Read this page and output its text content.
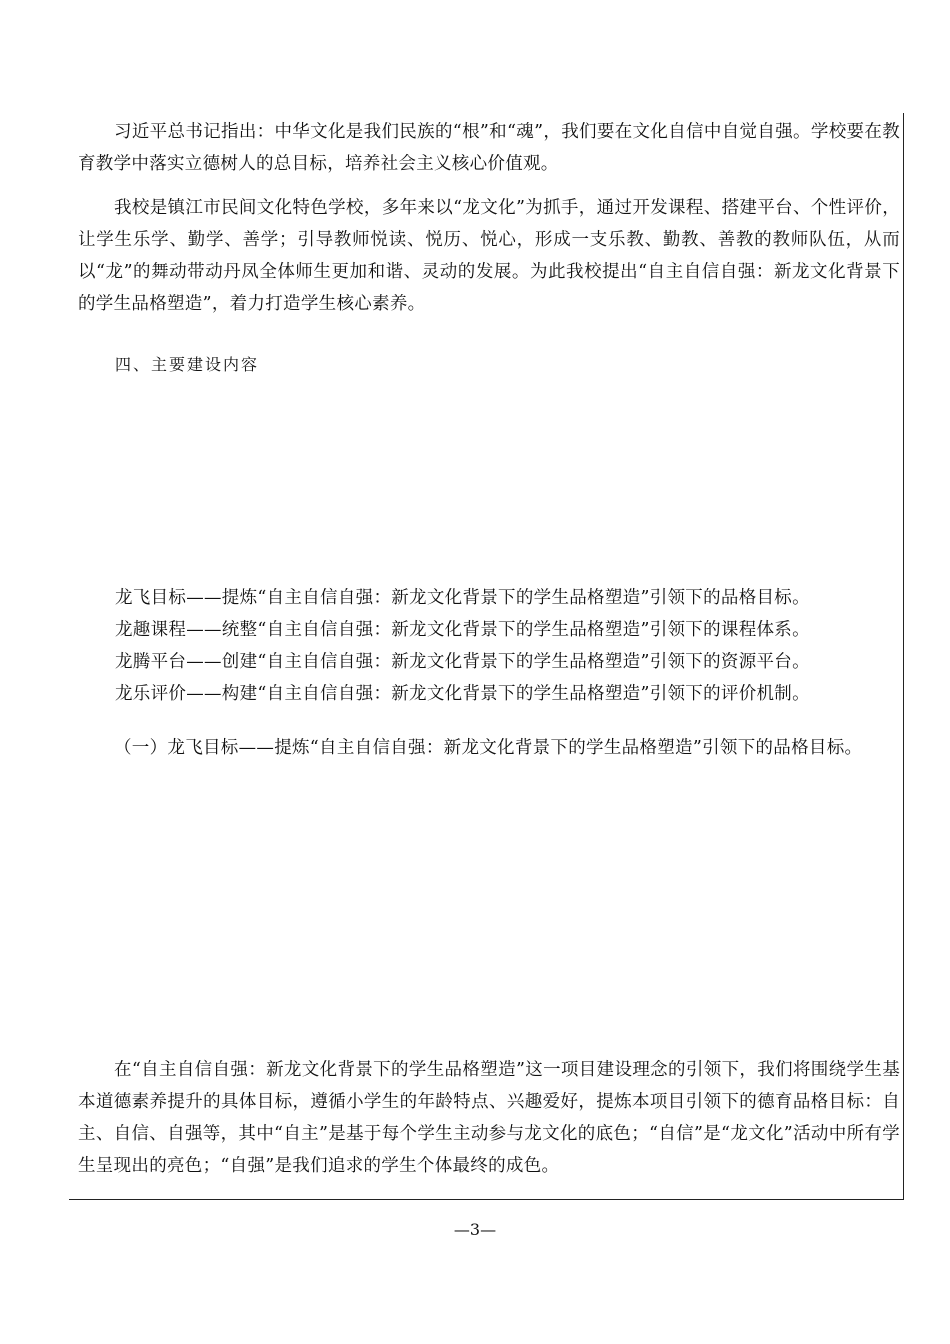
习近平总书记指出：中华文化是我们民族的“根”和“魂”，我们要在文化自信中自觉自强。学校要在教育教学中落实立德树人的总目标，培养社会主义核心价值观。

我校是镇江市民间文化特色学校，多年来以“龙文化”为抓手，通过开发课程、搭建平台、个性评价，让学生乐学、勤学、善学；引导教师悦读、悦历、悦心，形成一支乐教、勤教、善教的教师队伍，从而以“龙”的舞动带动丹凤全体师生更加和谐、灵动的发展。为此我校提出“自主自信自强：新龙文化背景下的学生品格塑造”，着力打造学生核心素养。

四、主要建设内容

龙飞目标——提炼“自主自信自强：新龙文化背景下的学生品格塑造”引领下的品格目标。
龙趣课程——统整“自主自信自强：新龙文化背景下的学生品格塑造”引领下的课程体系。
龙腾平台——创建“自主自信自强：新龙文化背景下的学生品格塑造”引领下的资源平台。
龙乐评价——构建“自主自信自强：新龙文化背景下的学生品格塑造”引领下的评价机制。

（一）龙飞目标——提炼“自主自信自强：新龙文化背景下的学生品格塑造”引领下的品格目标。

在“自主自信自强：新龙文化背景下的学生品格塑造”这一项目建设理念的引领下，我们将围绕学生基本道德素养提升的具体目标，遵循小学生的年龄特点、兴趣爱好，提炼本项目引领下的德育品格目标：自主、自信、自强等，其中“自主”是基于每个学生主动参与龙文化的底色；“自信”是“龙文化”活动中所有学生呈现出的亮色；“自强”是我们追求的学生个体最终的成色。

—3—
